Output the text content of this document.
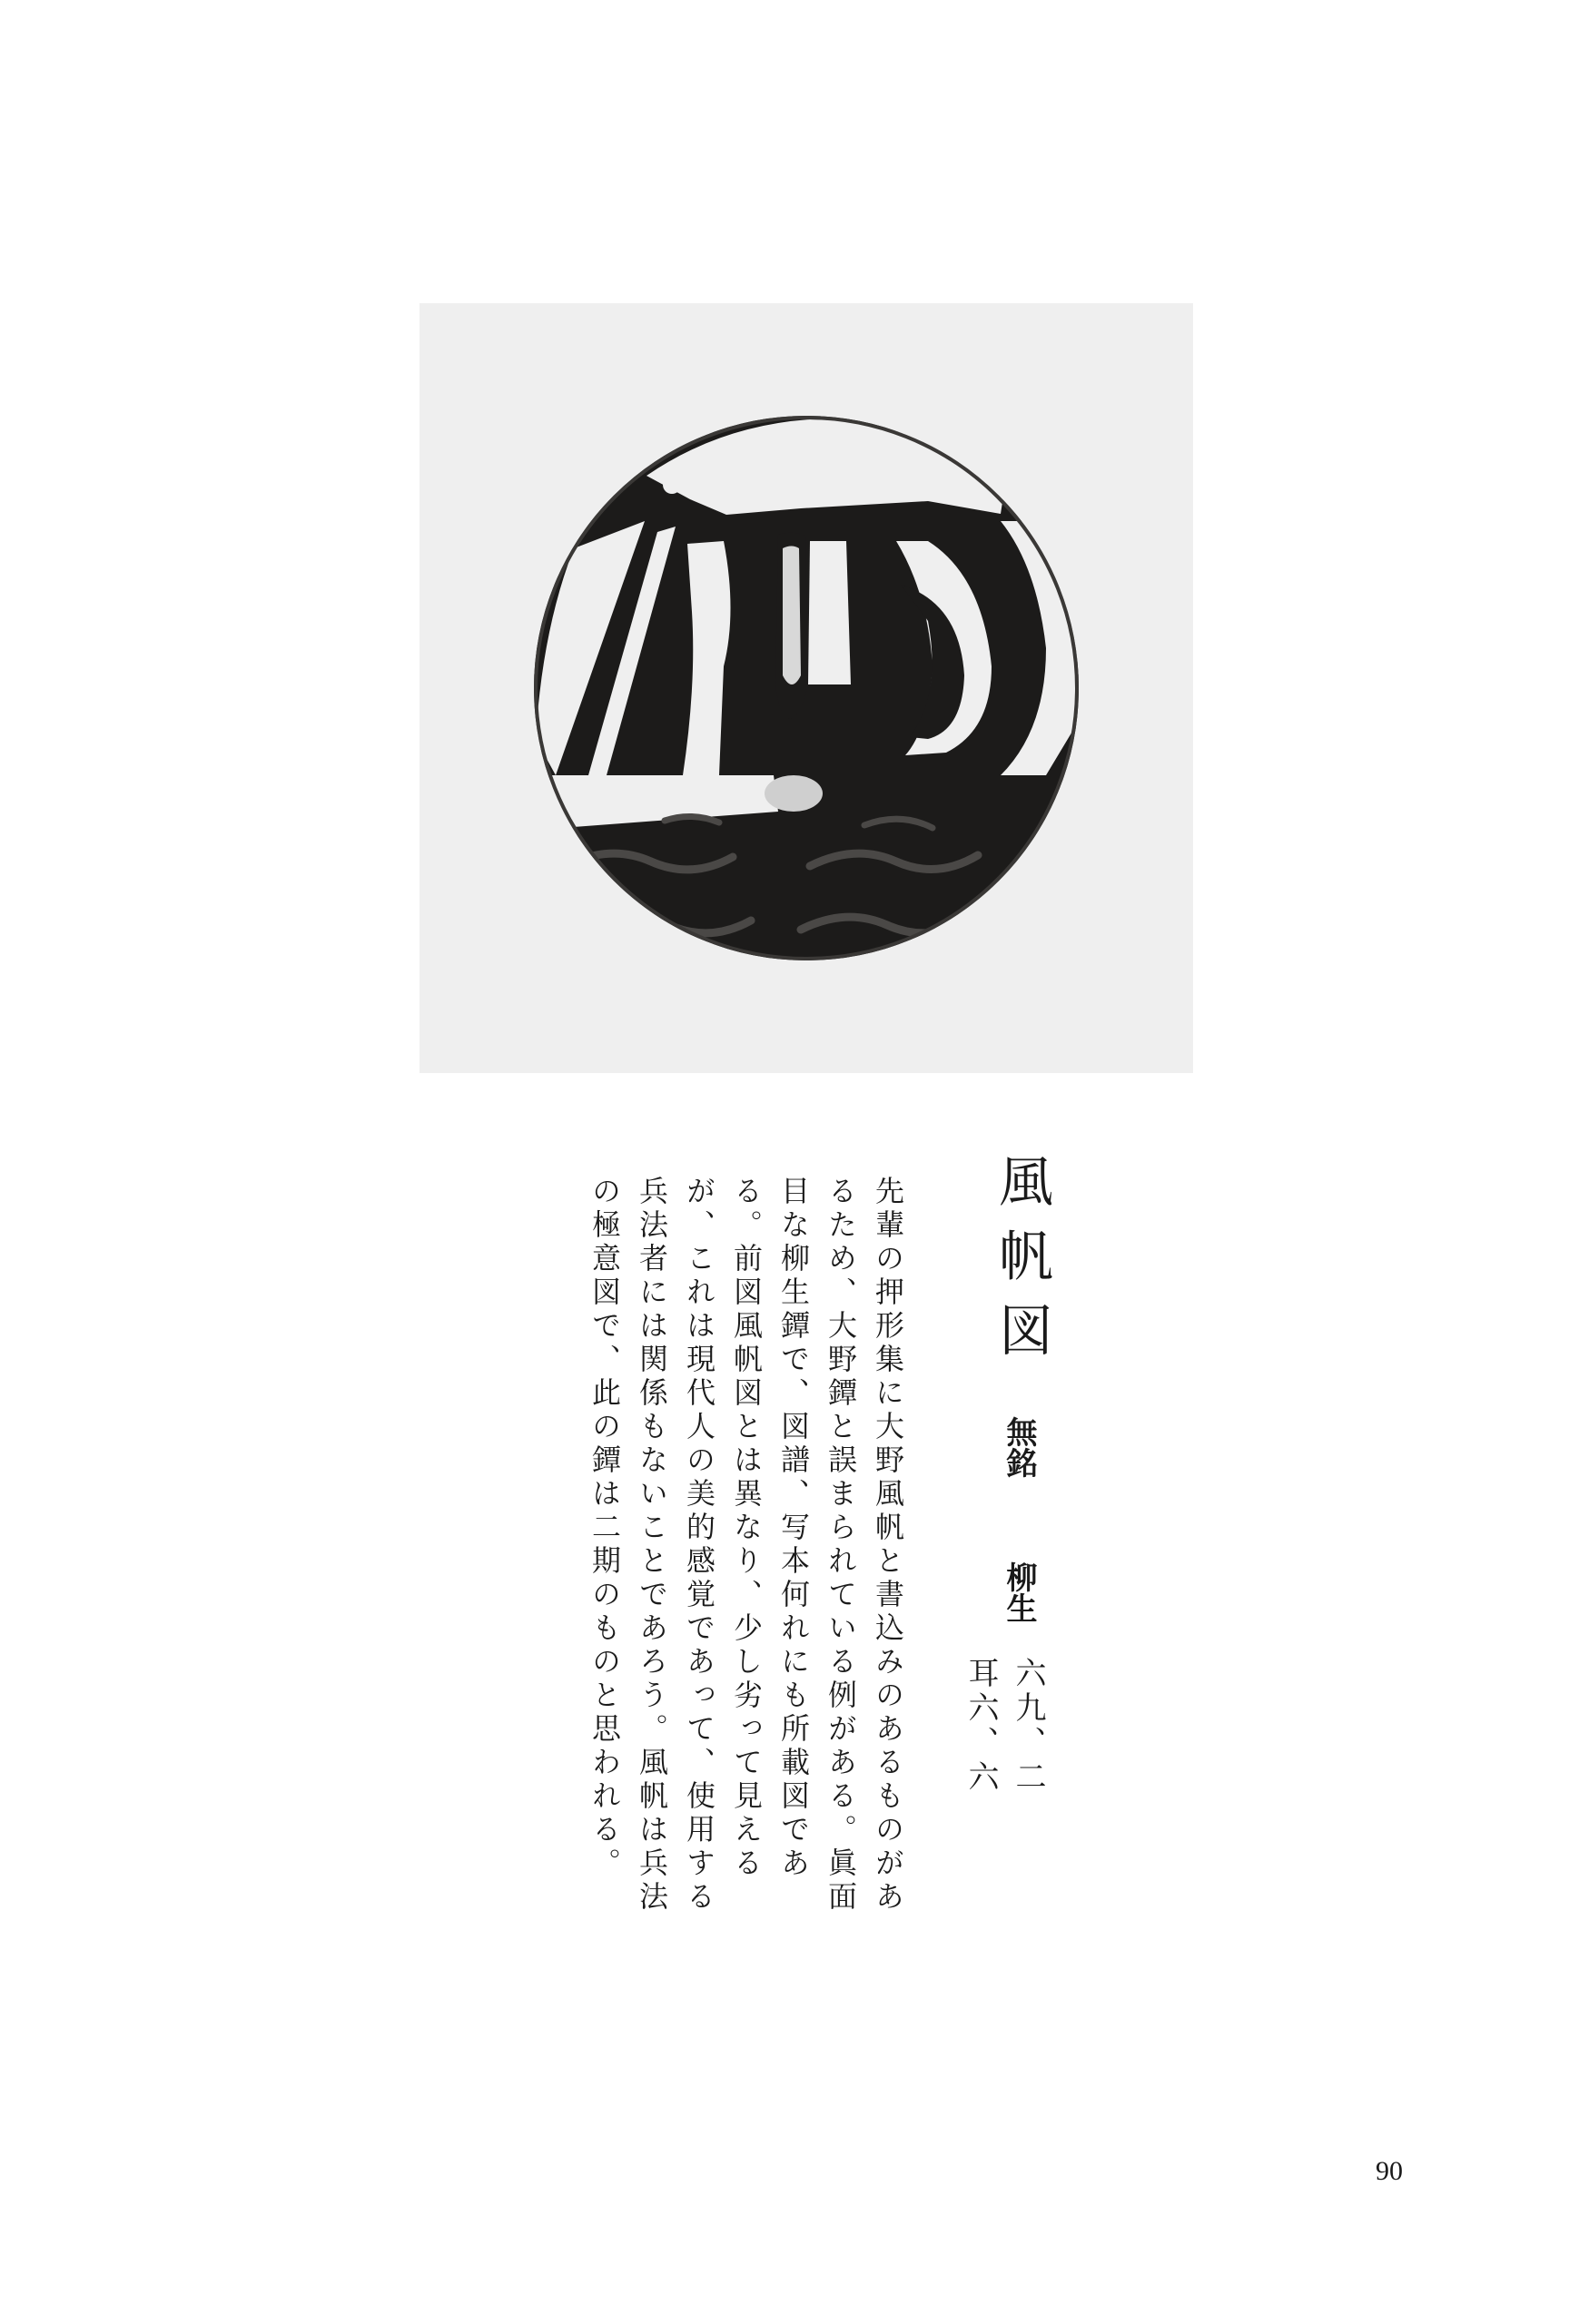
風帆図

無銘

柳生

六九、二

耳六、六

先輩の押形集に大野風帆と書込みのあるものがあるため、大野鐔と誤まられている例がある。眞面目な柳生鐔で、図譜、写本何れにも所載図である。前図風帆図とは異なり、少し劣って見えるが、これは現代人の美的感覚であって、使用する兵法者には関係もないことであろう。風帆は兵法の極意図で、此の鐔は二期のものと思われる。

90
